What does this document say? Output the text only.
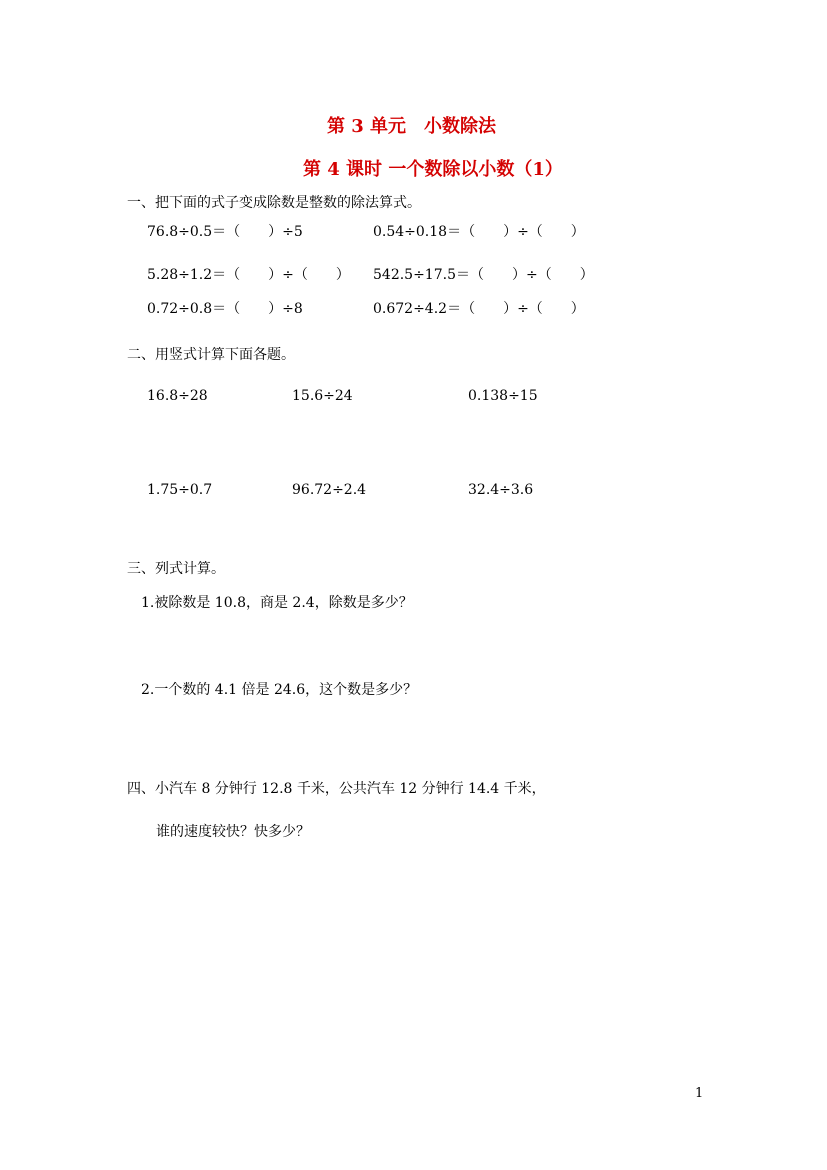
第 3 单元　小数除法
第 4 课时 一个数除以小数（1）
一、把下面的式子变成除数是整数的除法算式。
76.8÷0.5＝（　　）÷5	0.54÷0.18＝（　　）÷（　　）
5.28÷1.2＝（　　）÷（　　） 542.5÷17.5＝（　　）÷（　　）
0.72÷0.8＝（　　）÷8	0.672÷4.2＝（　　）÷（　　）
二、用竖式计算下面各题。
16.8÷28	15.6÷24	0.138÷15
1.75÷0.7	96.72÷2.4	32.4÷3.6
三、列式计算。
1.被除数是 10.8，商是 2.4，除数是多少？
2.一个数的 4.1 倍是 24.6，这个数是多少？
四、小汽车 8 分钟行 12.8 千米，公共汽车 12 分钟行 14.4 千米，
谁的速度较快？快多少？
1
